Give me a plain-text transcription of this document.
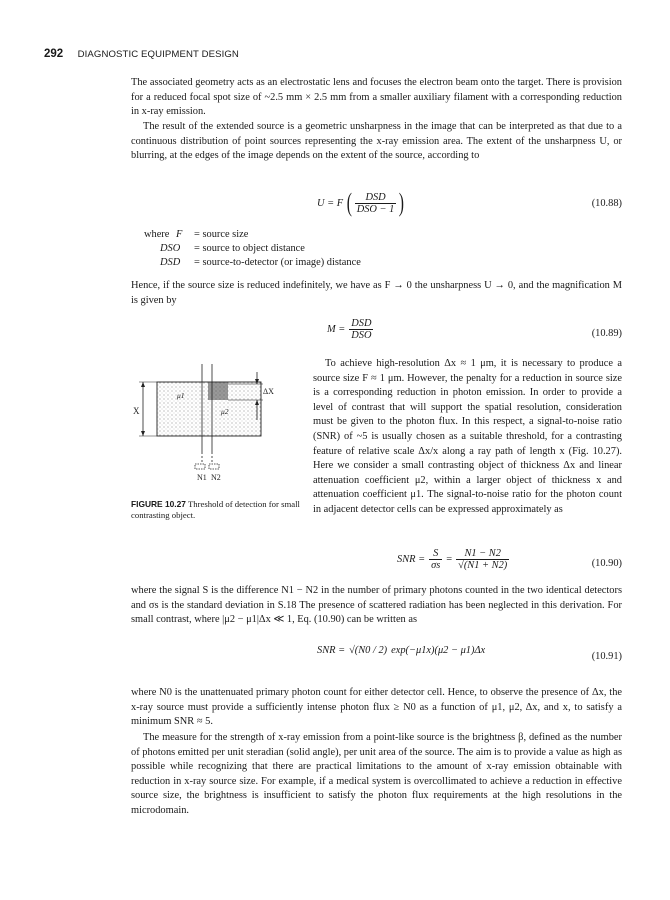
292 DIAGNOSTIC EQUIPMENT DESIGN

The associated geometry acts as an electrostatic lens and focuses the electron beam onto the target. There is provision for a reduced focal spot size of ~2.5 mm × 2.5 mm from a smaller auxiliary filament with a corresponding reduction in x-ray emission.

The result of the extended source is a geometric unsharpness in the image that can be interpreted as that due to a continuous distribution of point sources representing the x-ray emission area. The extent of the unsharpness U, or blurring, at the edges of the image depends on the extent of the source, according to

U = F ( $\frac{\text{DSD}}{\text{DSO − 1}}$ )	(10.88)
where F = source size
DSO = source to object distance
DSD = source-to-detector (or image) distance

Hence, if the source size is reduced indefinitely, we have as F → 0 the unsharpness U → 0, and the magnification M is given by

$M = \frac{\text{DSD}}{\text{DSO}}$	(10.89)

To achieve high-resolution Δx ≈ 1 μm, it is necessary to produce a source size F ≈ 1 μm. However, the penalty for a reduction in source size is a corresponding reduction in photon emission. In order to provide a level of contrast that will support the spatial resolution, consideration must be given to the photon flux. In this respect, a signal-to-noise ratio (SNR) of ~5 is usually chosen as a suitable threshold, for a contrasting feature of relative scale Δx/x along a ray path of length x (Fig. 10.27). Here we consider a small contrasting object of thickness Δx and linear attenuation coefficient μ2, within a larger object of thickness x and attenuation coefficient μ1. The signal-to-noise ratio for the photon count in adjacent detector cells can be expressed approximately as

X
ΔX
μ1
μ2
N1 N2
FIGURE 10.27 Threshold of detection for small contrasting object.
SNR = $\frac{S}{\sigma s} = \frac{N1 - N2}{√(N1 + N2)}$	(10.90)

where the signal S is the difference N1 − N2 in the number of primary photons counted in the two identical detectors and σs is the standard deviation in S.18 The presence of scattered radiation has been neglected in this derivation. For small contrast, where |μ2 − μ1|Δx ≪ 1, Eq. (10.90) can be written as

SNR = √(N0 / 2) exp(−μ1x)(μ2 − μ1)Δx
(10.91)

where N0 is the unattenuated primary photon count for either detector cell. Hence, to observe the presence of Δx, the x-ray source must provide a sufficiently intense photon flux ≥ N0 as a function of μ1, μ2, Δx, and x, to satisfy a minimum SNR ≈ 5.

The measure for the strength of x-ray emission from a point-like source is the brightness β, defined as the number of photons emitted per unit steradian (solid angle), per unit area of the source. The aim is to provide a value as high as possible while recognizing that there are practical limitations to the amount of x-ray emission obtainable with reduction in x-ray source size. For example, if a medical system is overcollimated to achieve a reduction in effective source size, the brightness is insufficient to satisfy the photon flux requirements at the high resolutions in the microdomain.
